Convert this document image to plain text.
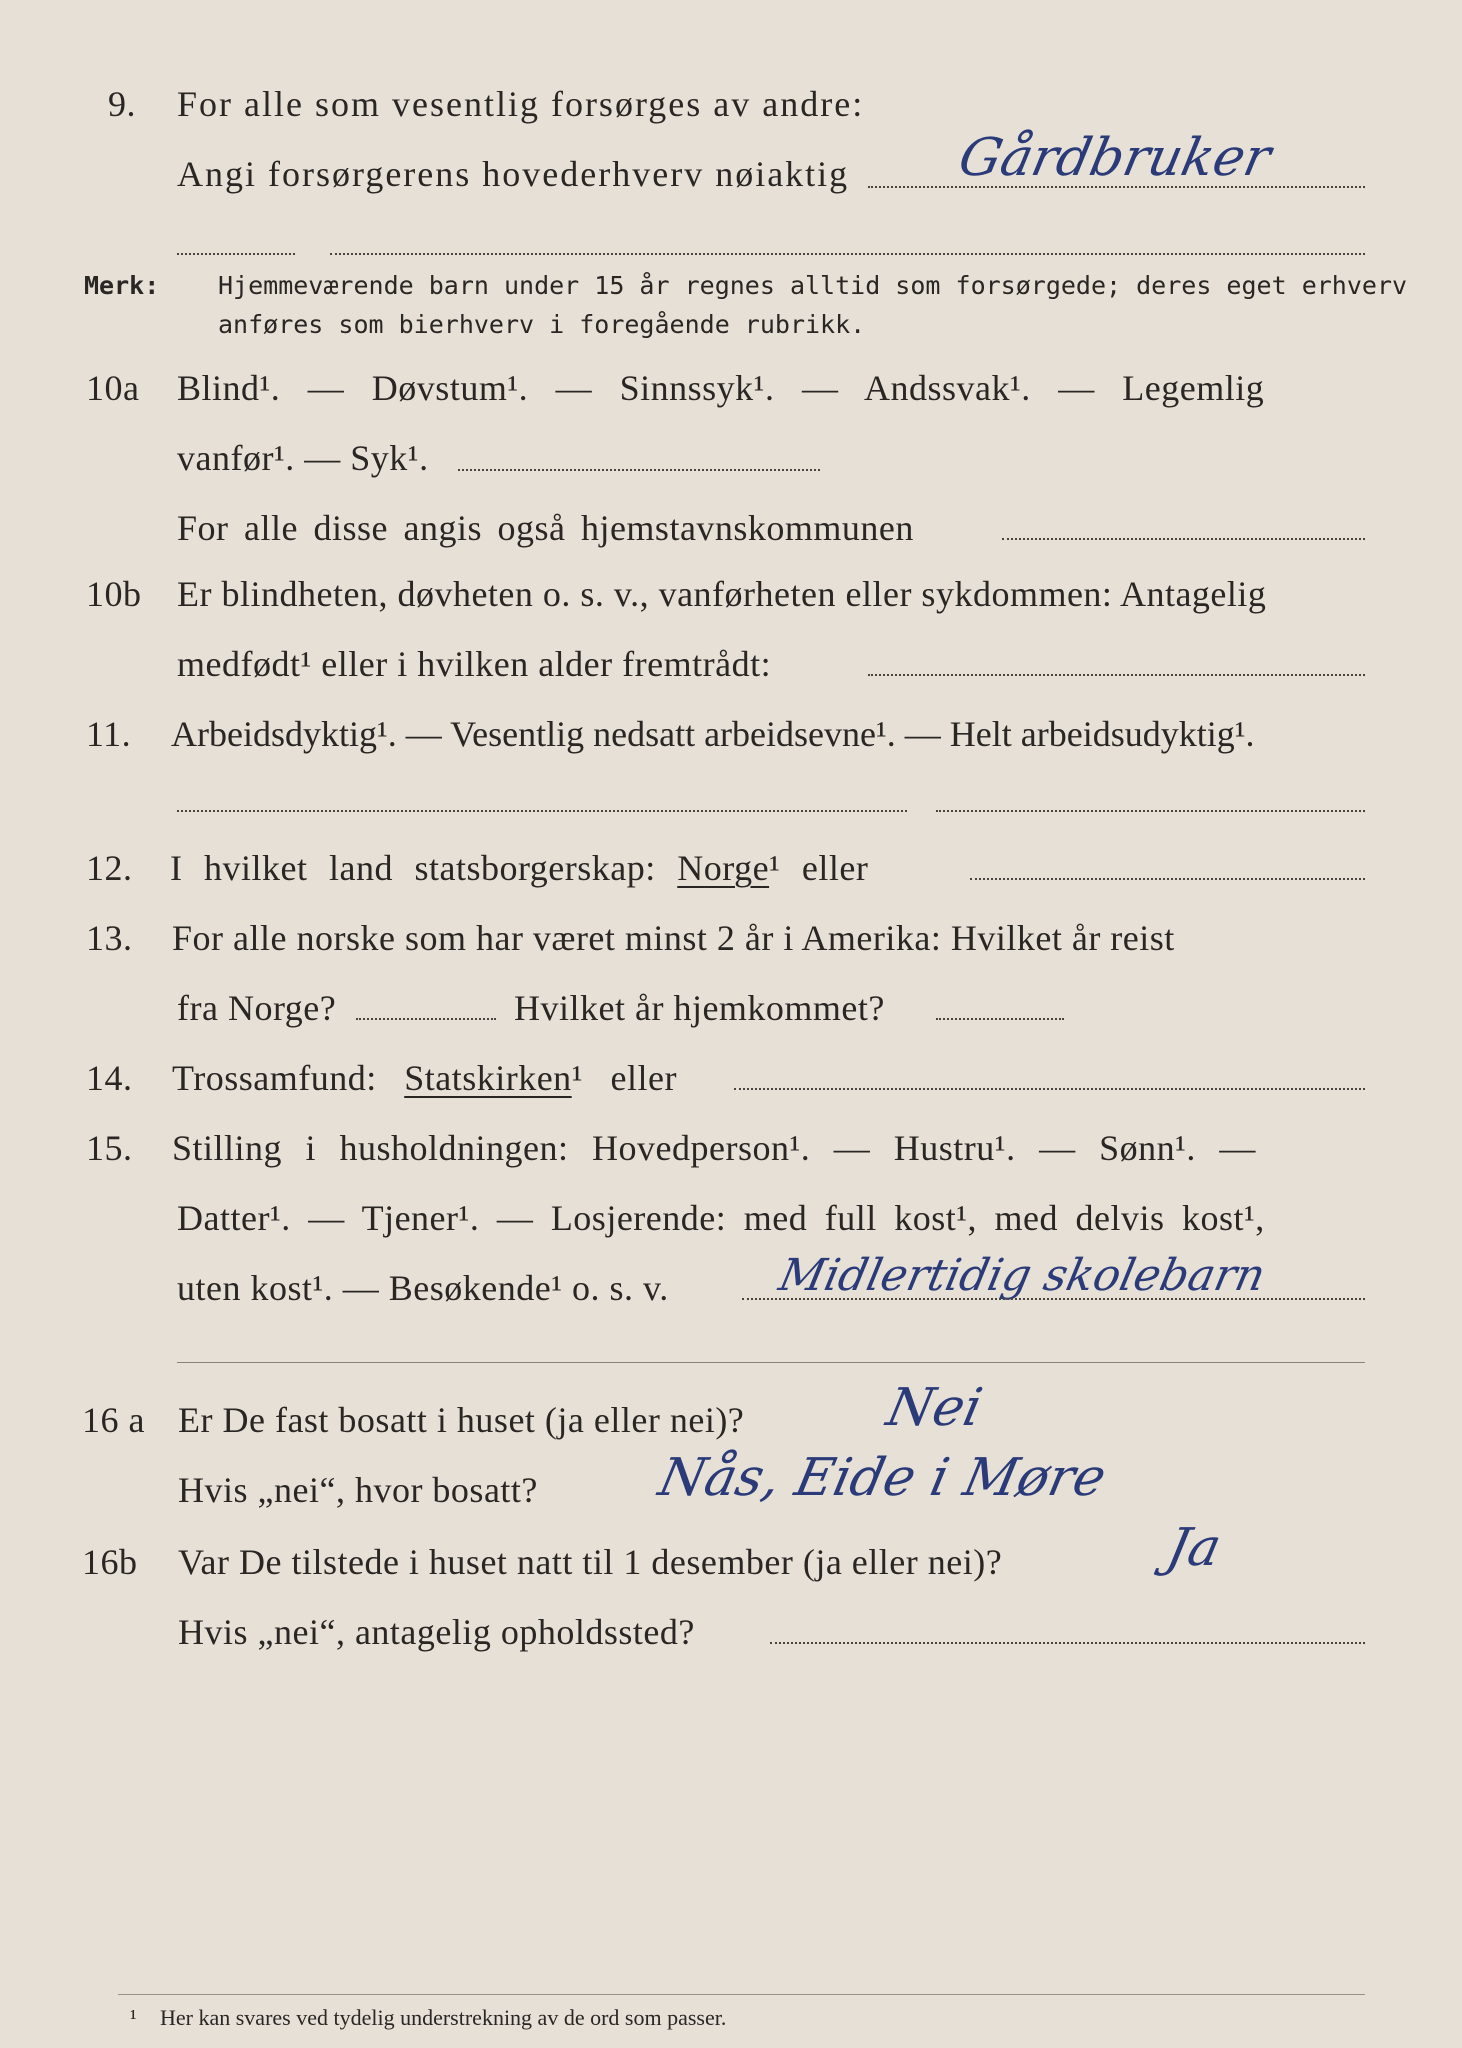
9. For alle som vesentlig forsørges av andre:
Angi forsørgerens hovederhverv nøiaktig Gårdbruker
Merk: Hjemmeværende barn under 15 år regnes alltid som forsørgede; deres eget erhverv
anføres som bierhverv i foregående rubrikk.
10a Blind¹. — Døvstum¹. — Sinnssyk¹. — Andssvak¹. — Legemlig
vanfør¹. — Syk¹.
For alle disse angis også hjemstavnskommunen
10b Er blindheten, døvheten o. s. v., vanførheten eller sykdommen: Antagelig
medfødt¹ eller i hvilken alder fremtrådt:
11. Arbeidsdyktig¹. — Vesentlig nedsatt arbeidsevne¹. — Helt arbeidsudyktig¹.
12. I hvilket land statsborgerskap: Norge¹ eller
13. For alle norske som har været minst 2 år i Amerika: Hvilket år reist
fra Norge?	Hvilket år hjemkommet?
14. Trossamfund: Statskirken¹ eller
15. Stilling i husholdningen: Hovedperson¹. — Hustru¹. — Sønn¹. —
Datter¹. — Tjener¹. — Losjerende: med full kost¹, med delvis kost¹,
uten kost¹. — Besøkende¹ o. s. v. Midlertidig skolebarn
16 a Er De fast bosatt i huset (ja eller nei)?	Nei
Hvis „nei“, hvor bosatt? Nås, Eide i Møre
16b Var De tilstede i huset natt til 1 desember (ja eller nei)?	Ja
Hvis „nei“, antagelig opholdssted?
¹ Her kan svares ved tydelig understrekning av de ord som passer.
